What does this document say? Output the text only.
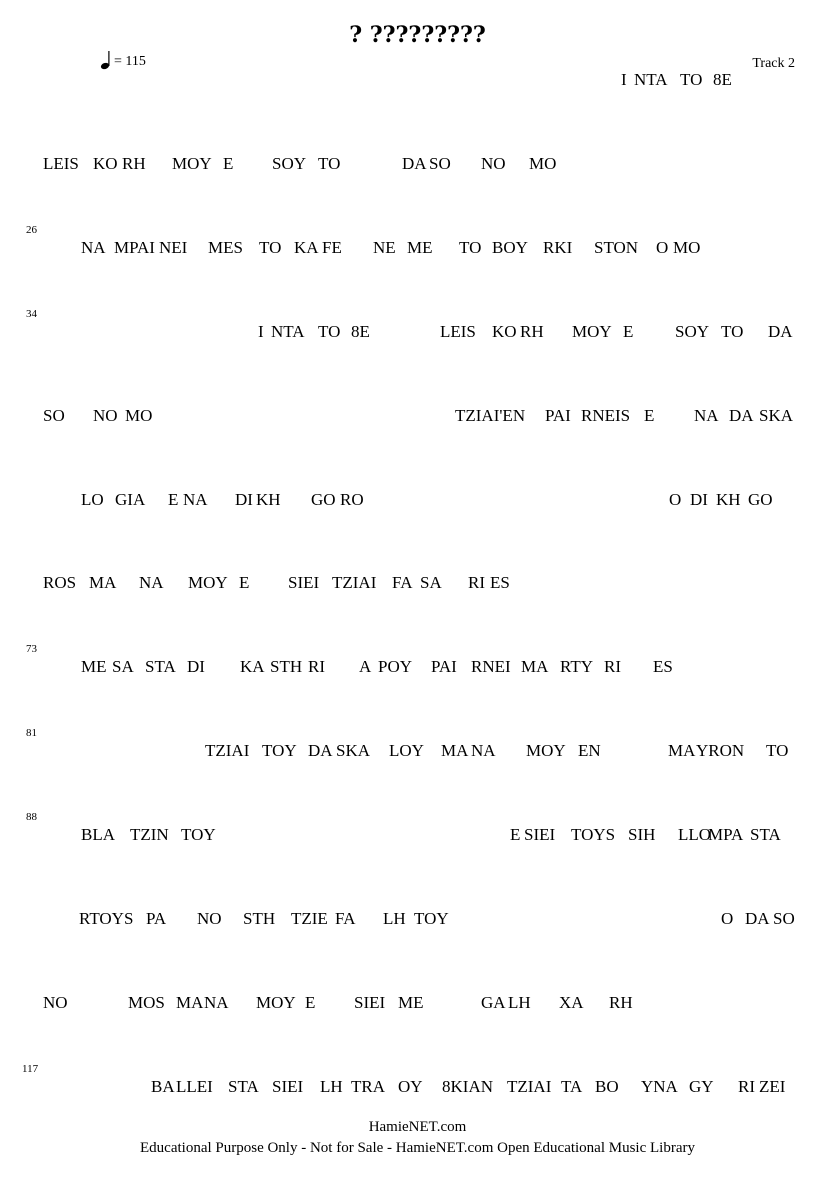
? ?????????
= 115	Track 2
I NTA TO 8E
LEIS KO RH MOY E SOY TO	DA SO NO MO
26
NA MPAI NEI MES TO KA FE NE ME TO BOY RKI STON O MO
34
I NTA TO 8E	LEIS KO RH MOY E SOY TO DA
SO NO MO	TZIAI'EN PAI RNEIS E NA DA SKA
LO GIA E NA DI KH GO RO	O DI KH GO
ROS MA NA MOY E SIEI TZIAI FA SA RI ES
73
ME SA STA DI KA STH RI A POY PAI RNEI MA RTY RI ES
81
TZIAI TOY DA SKA LOY MA NA MOY EN	MA YRON TO
88
BLA TZIN TOY	E SIEI TOYS SIH LLO
MPA STA
RTOYS PA NO STH TZIE FA LH TOY	O DA SO
NO	MOS MA NA MOY E SIEI ME	GA LH XA RH
117
BA LLEI STA SIEI LH TRA OY 8KIAN TZIAI TA BO YNA GY RI ZEI
HamieNET.com
Educational Purpose Only - Not for Sale - HamieNET.com Open Educational Music Library
